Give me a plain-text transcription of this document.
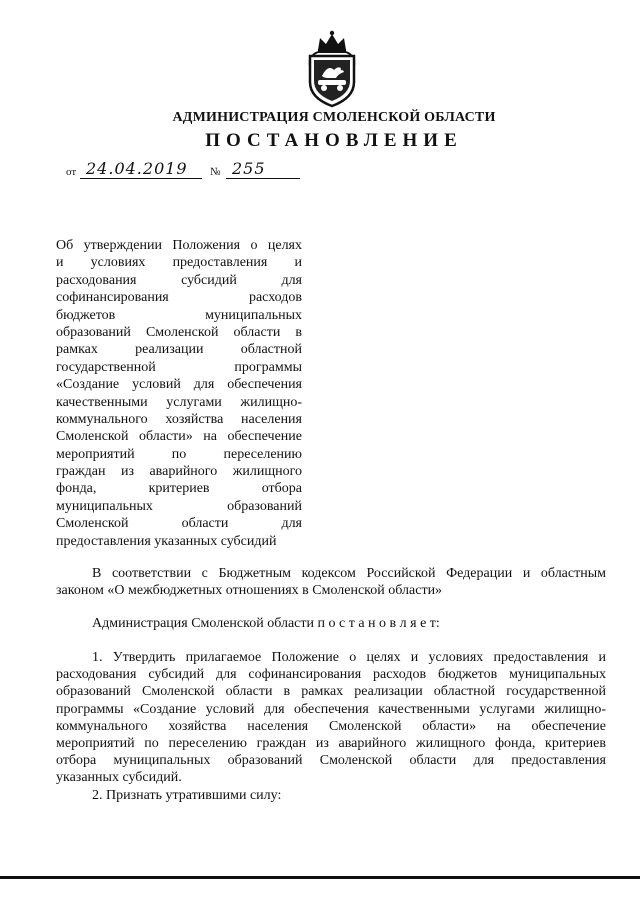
АДМИНИСТРАЦИЯ СМОЛЕНСКОЙ ОБЛАСТИ
ПОСТАНОВЛЕНИЕ
от 24.04.2019 № 255
Об утверждении Положения о целях
и условиях предоставления и
расходования субсидий для
софинансирования расходов
бюджетов муниципальных
образований Смоленской области в
рамках реализации областной
государственной программы
«Создание условий для обеспечения
качественными услугами жилищно-
коммунального хозяйства населения
Смоленской области» на обеспечение
мероприятий по переселению
граждан из аварийного жилищного
фонда, критериев отбора
муниципальных образований
Смоленской области для
предоставления указанных субсидий
В соответствии с Бюджетным кодексом Российской Федерации и областным
законом «О межбюджетных отношениях в Смоленской области»
Администрация Смоленской области п о с т а н о в л я е т:
1. Утвердить прилагаемое Положение о целях и условиях предоставления и
расходования субсидий для софинансирования расходов бюджетов муниципальных
образований Смоленской области в рамках реализации областной государственной
программы «Создание условий для обеспечения качественными услугами жилищно-
коммунального хозяйства населения Смоленской области» на обеспечение
мероприятий по переселению граждан из аварийного жилищного фонда, критериев
отбора муниципальных образований Смоленской области для предоставления
указанных субсидий.
2. Признать утратившими силу:
